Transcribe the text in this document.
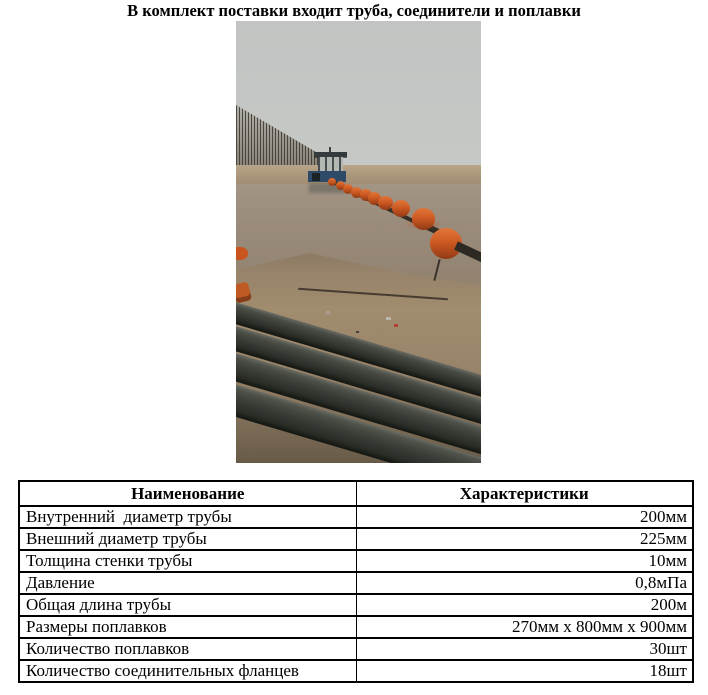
В комплект поставки входит труба, соединители и поплавки
Наименование	Характеристики
Внутренний  диаметр трубы	200мм
Внешний диаметр трубы	225мм
Толщина стенки трубы	10мм
Давление	0,8мПа
Общая длина трубы	200м
Размеры поплавков	270мм х 800мм х 900мм
Количество поплавков	30шт
Количество соединительных фланцев	18шт
